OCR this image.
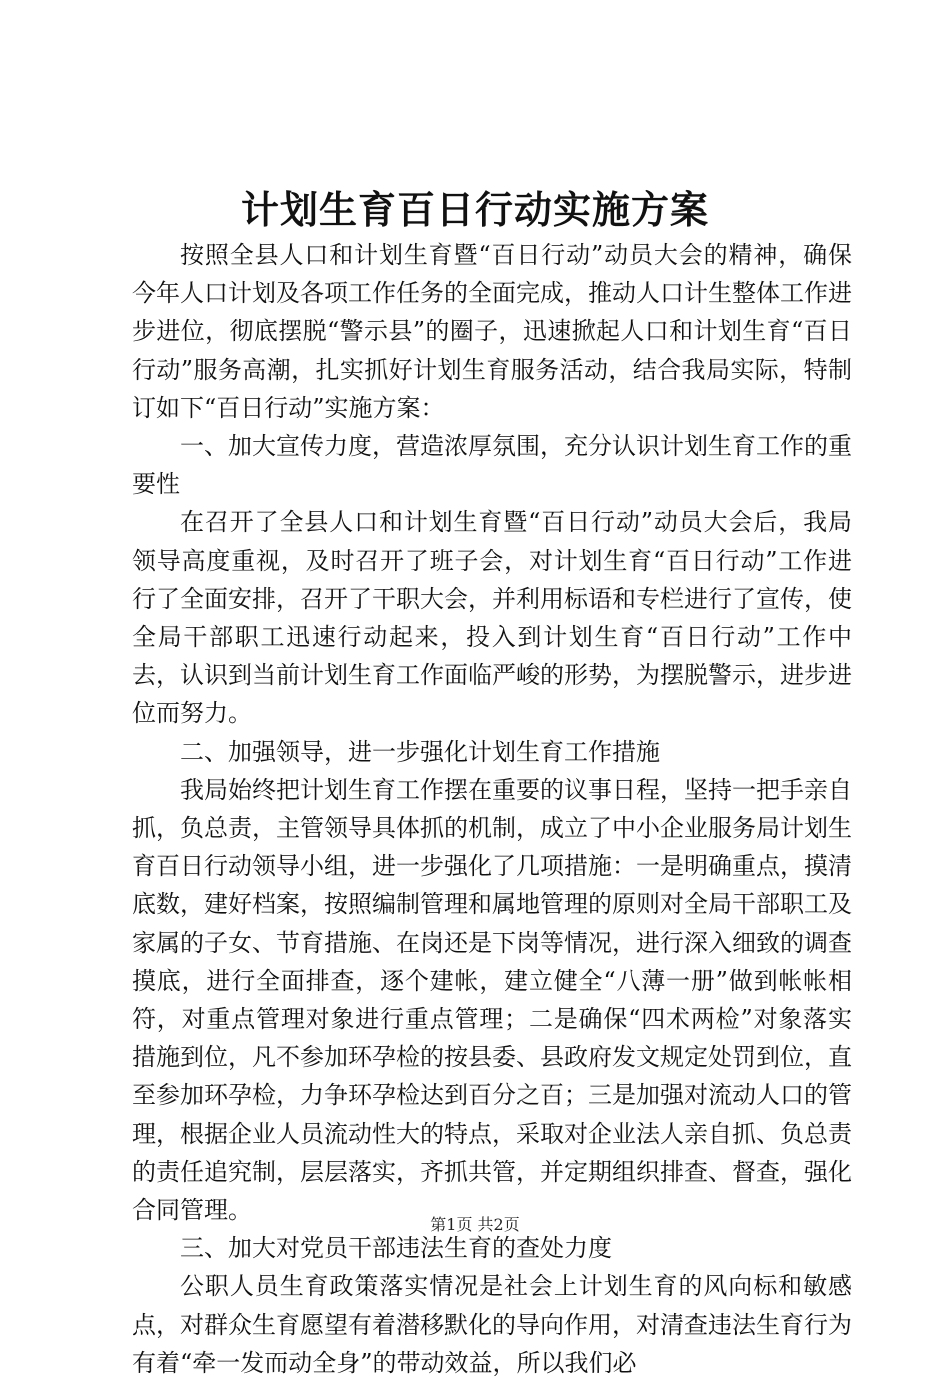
计划生育百日行动实施方案

按照全县人口和计划生育暨“百日行动”动员大会的精神，确保今年人口计划及各项工作任务的全面完成，推动人口计生整体工作进步进位，彻底摆脱“警示县”的圈子，迅速掀起人口和计划生育“百日行动”服务高潮，扎实抓好计划生育服务活动，结合我局实际，特制订如下“百日行动”实施方案：

一、加大宣传力度，营造浓厚氛围，充分认识计划生育工作的重要性

在召开了全县人口和计划生育暨“百日行动”动员大会后，我局领导高度重视，及时召开了班子会，对计划生育“百日行动”工作进行了全面安排，召开了干职大会，并利用标语和专栏进行了宣传，使全局干部职工迅速行动起来，投入到计划生育“百日行动”工作中去，认识到当前计划生育工作面临严峻的形势，为摆脱警示，进步进位而努力。

二、加强领导，进一步强化计划生育工作措施

我局始终把计划生育工作摆在重要的议事日程，坚持一把手亲自抓，负总责，主管领导具体抓的机制，成立了中小企业服务局计划生育百日行动领导小组，进一步强化了几项措施：一是明确重点，摸清底数，建好档案，按照编制管理和属地管理的原则对全局干部职工及家属的子女、节育措施、在岗还是下岗等情况，进行深入细致的调查摸底，进行全面排查，逐个建帐，建立健全“八薄一册”做到帐帐相符，对重点管理对象进行重点管理；二是确保“四术两检”对象落实措施到位，凡不参加环孕检的按县委、县政府发文规定处罚到位，直至参加环孕检，力争环孕检达到百分之百；三是加强对流动人口的管理，根据企业人员流动性大的特点，采取对企业法人亲自抓、负总责的责任追究制，层层落实，齐抓共管，并定期组织排查、督查，强化合同管理。

三、加大对党员干部违法生育的查处力度

公职人员生育政策落实情况是社会上计划生育的风向标和敏感点，对群众生育愿望有着潜移默化的导向作用，对清查违法生育行为有着“牵一发而动全身”的带动效益，所以我们必

第1页 共2页
